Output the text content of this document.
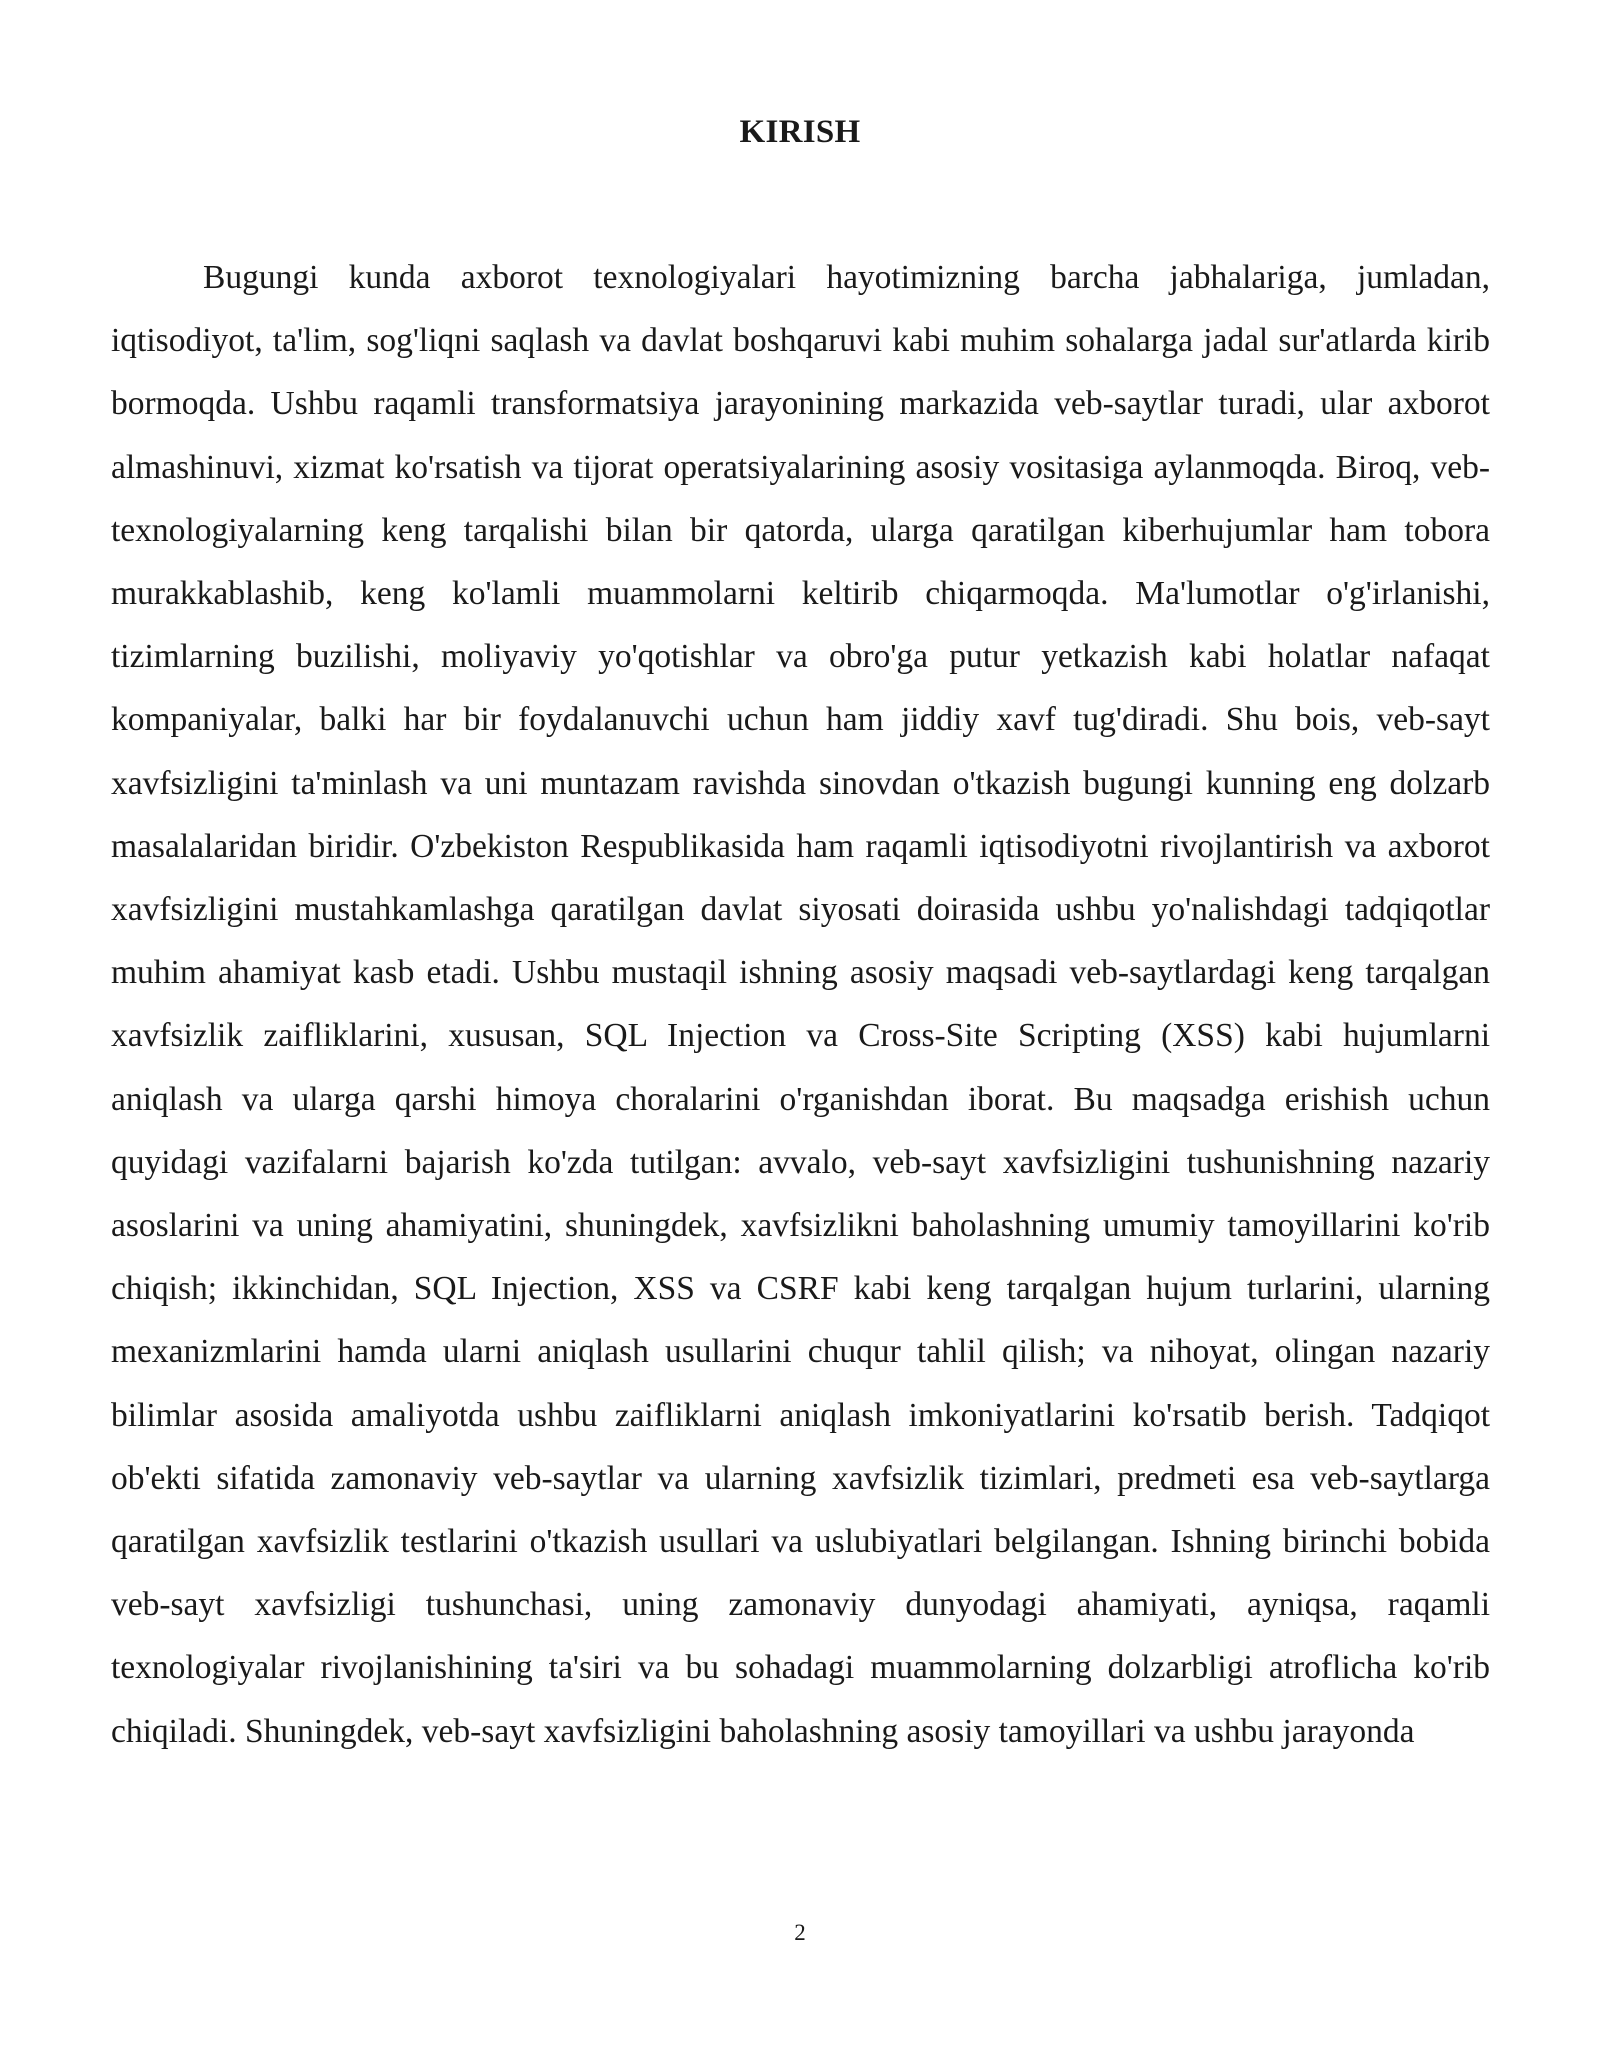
KIRISH

Bugungi kunda axborot texnologiyalari hayotimizning barcha jabhalariga, jumladan, iqtisodiyot, ta'lim, sog'liqni saqlash va davlat boshqaruvi kabi muhim sohalarga jadal sur'atlarda kirib bormoqda. Ushbu raqamli transformatsiya jarayonining markazida veb-saytlar turadi, ular axborot almashinuvi, xizmat ko'rsatish va tijorat operatsiyalarining asosiy vositasiga aylanmoqda. Biroq, veb-texnologiyalarning keng tarqalishi bilan bir qatorda, ularga qaratilgan kiberhujumlar ham tobora murakkablashib, keng ko'lamli muammolarni keltirib chiqarmoqda. Ma'lumotlar o'g'irlanishi, tizimlarning buzilishi, moliyaviy yo'qotishlar va obro'ga putur yetkazish kabi holatlar nafaqat kompaniyalar, balki har bir foydalanuvchi uchun ham jiddiy xavf tug'diradi. Shu bois, veb-sayt xavfsizligini ta'minlash va uni muntazam ravishda sinovdan o'tkazish bugungi kunning eng dolzarb masalalaridan biridir. O'zbekiston Respublikasida ham raqamli iqtisodiyotni rivojlantirish va axborot xavfsizligini mustahkamlashga qaratilgan davlat siyosati doirasida ushbu yo'nalishdagi tadqiqotlar muhim ahamiyat kasb etadi. Ushbu mustaqil ishning asosiy maqsadi veb-saytlardagi keng tarqalgan xavfsizlik zaifliklarini, xususan, SQL Injection va Cross-Site Scripting (XSS) kabi hujumlarni aniqlash va ularga qarshi himoya choralarini o'rganishdan iborat. Bu maqsadga erishish uchun quyidagi vazifalarni bajarish ko'zda tutilgan: avvalo, veb-sayt xavfsizligini tushunishning nazariy asoslarini va uning ahamiyatini, shuningdek, xavfsizlikni baholashning umumiy tamoyillarini ko'rib chiqish; ikkinchidan, SQL Injection, XSS va CSRF kabi keng tarqalgan hujum turlarini, ularning mexanizmlarini hamda ularni aniqlash usullarini chuqur tahlil qilish; va nihoyat, olingan nazariy bilimlar asosida amaliyotda ushbu zaifliklarni aniqlash imkoniyatlarini ko'rsatib berish. Tadqiqot ob'ekti sifatida zamonaviy veb-saytlar va ularning xavfsizlik tizimlari, predmeti esa veb-saytlarga qaratilgan xavfsizlik testlarini o'tkazish usullari va uslubiyatlari belgilangan. Ishning birinchi bobida veb-sayt xavfsizligi tushunchasi, uning zamonaviy dunyodagi ahamiyati, ayniqsa, raqamli texnologiyalar rivojlanishining ta'siri va bu sohadagi muammolarning dolzarbligi atroflicha ko'rib chiqiladi. Shuningdek, veb-sayt xavfsizligini baholashning asosiy tamoyillari va ushbu jarayonda

2
